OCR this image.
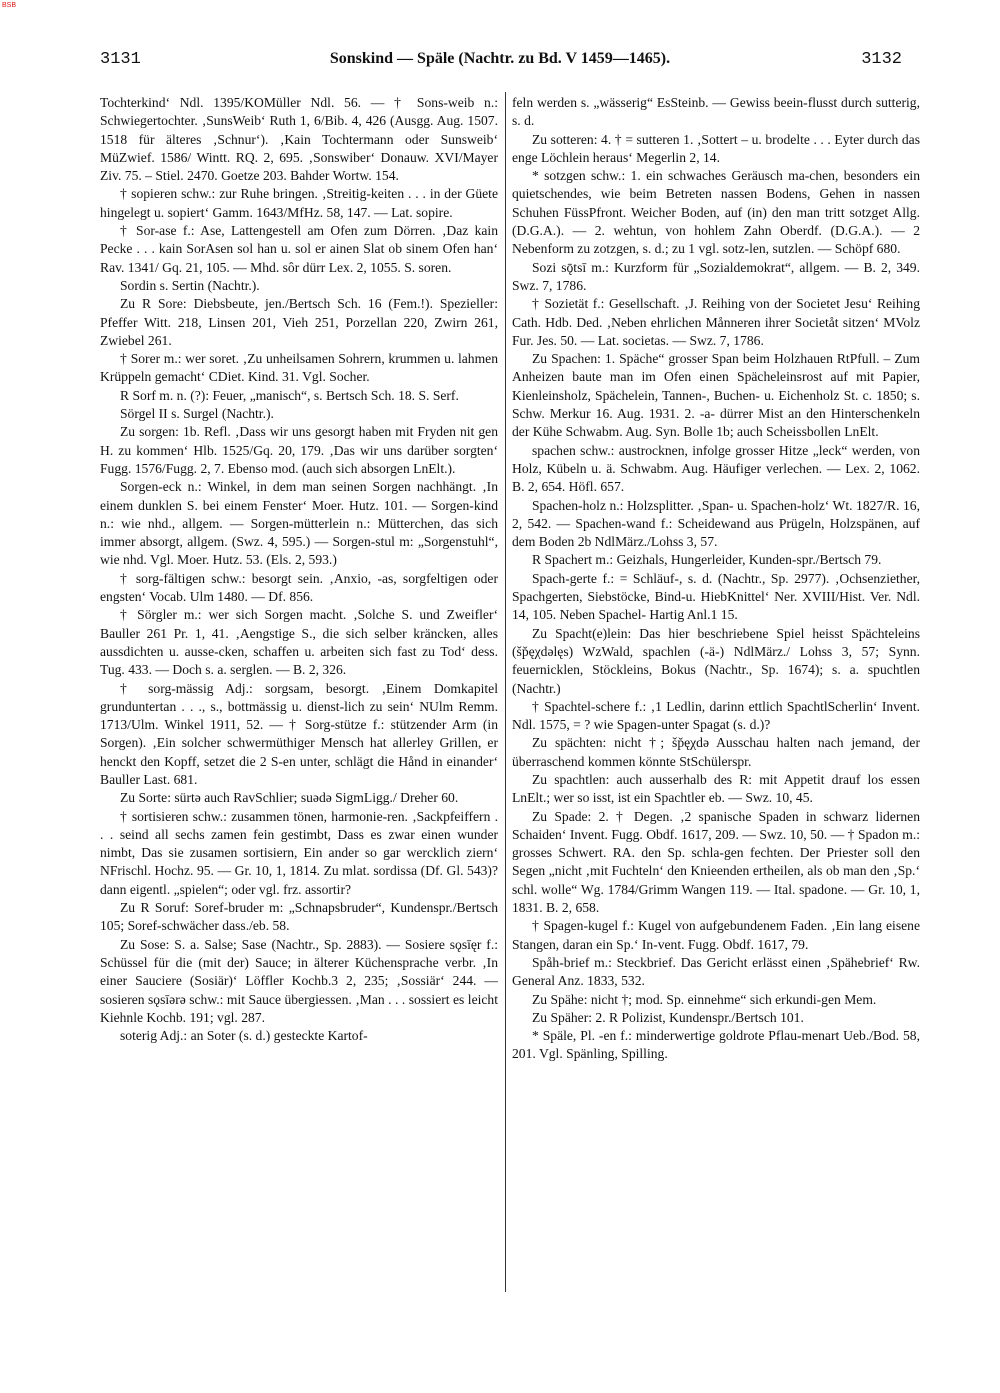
BSB
3131	Sonskind — Späle (Nachtr. zu Bd. V 1459—1465).	3132

Tochterkind‘ Ndl. 1395/KOMüller Ndl. 56. — † Sons-weib n.: Schwiegertochter. ‚SunsWeib‘ Ruth 1, 6/Bib. 4, 426 (Ausgg. Aug. 1507. 1518 für älteres ‚Schnur‘). ‚Kain Tochtermann oder Sunsweib‘ MüZwief. 1586/ Wintt. RQ. 2, 695. ‚Sonswiber‘ Donauw. XVI/Mayer Ziv. 75. – Stiel. 2470. Goetze 203. Bahder Wortw. 154.

† sopieren schw.: zur Ruhe bringen. ‚Streitig-keiten . . . in der Güete hingelegt u. sopiert‘ Gamm. 1643/MfHz. 58, 147. — Lat. sopire.

† Sor-ase f.: Ase, Lattengestell am Ofen zum Dörren. ‚Daz kain Pecke . . . kain SorAsen sol han u. sol er ainen Slat ob sinem Ofen han‘ Rav. 1341/ Gq. 21, 105. — Mhd. sôr dürr Lex. 2, 1055. S. soren.

Sordin s. Sertin (Nachtr.).

Zu R Sore: Diebsbeute, jen./Bertsch Sch. 16 (Fem.!). Spezieller: Pfeffer Witt. 218, Linsen 201, Vieh 251, Porzellan 220, Zwirn 261, Zwiebel 261.

† Sorer m.: wer soret. ‚Zu unheilsamen Sohrern, krummen u. lahmen Krüppeln gemacht‘ CDiet. Kind. 31. Vgl. Socher.

R Sorf m. n. (?): Feuer, „manisch“, s. Bertsch Sch. 18. S. Serf.

Sörgel II s. Surgel (Nachtr.).

Zu sorgen: 1b. Refl. ‚Dass wir uns gesorgt haben mit Fryden nit gen H. zu kommen‘ Hlb. 1525/Gq. 20, 179. ‚Das wir uns darüber sorgten‘ Fugg. 1576/Fugg. 2, 7. Ebenso mod. (auch sich absorgen LnElt.).

Sorgen-eck n.: Winkel, in dem man seinen Sorgen nachhängt. ‚In einem dunklen S. bei einem Fenster‘ Moer. Hutz. 101. — Sorgen-kind n.: wie nhd., allgem. — Sorgen-mütterlein n.: Mütterchen, das sich immer absorgt, allgem. (Swz. 4, 595.) — Sorgen-stul m: „Sorgenstuhl“, wie nhd. Vgl. Moer. Hutz. 53. (Els. 2, 593.)

† sorg-fältigen schw.: besorgt sein. ‚Anxio, -as, sorgfeltigen oder engsten‘ Vocab. Ulm 1480. — Df. 856.

† Sörgler m.: wer sich Sorgen macht. ‚Solche S. und Zweifler‘ Bauller 261 Pr. 1, 41. ‚Aengstige S., die sich selber kräncken, alles aussdichten u. ausse-cken, schaffen u. arbeiten sich fast zu Tod‘ dess. Tug. 433. — Doch s. a. serglen. — B. 2, 326.

† sorg-mässig Adj.: sorgsam, besorgt. ‚Einem Domkapitel grunduntertan . . ., s., bottmässig u. dienst-lich zu sein‘ NUlm Remm. 1713/Ulm. Winkel 1911, 52. — † Sorg-stütze f.: stützender Arm (in Sorgen). ‚Ein solcher schwermüthiger Mensch hat allerley Grillen, er henckt den Kopff, setzet die 2 S-en unter, schlägt die Hånd in einander‘ Bauller Last. 681.

Zu Sorte: sürtə auch RavSchlier; suədə SigmLigg./ Dreher 60.

† sortisieren schw.: zusammen tönen, harmonie-ren. ‚Sackpfeiffern . . . seind all sechs zamen fein gestimbt, Dass es zwar einen wunder nimbt, Das sie zusamen sortisiern, Ein ander so gar wercklich ziern‘ NFrischl. Hochz. 95. — Gr. 10, 1, 1814. Zu mlat. sordissa (Df. Gl. 543)? dann eigentl. „spielen“; oder vgl. frz. assortir?

Zu R Soruf: Soref-bruder m: „Schnapsbruder“, Kundenspr./Bertsch 105; Soref-schwächer dass./eb. 58.

Zu Sose: S. a. Salse; Sase (Nachtr., Sp. 2883). — Sosiere sǫsīęr f.: Schüssel für die (mit der) Sauce; in älterer Küchensprache verbr. ‚In einer Sauciere (Sosiär)‘ Löffler Kochb.3 2, 235; ‚Sossiär‘ 244. — sosieren sǫsīərə schw.: mit Sauce übergiessen. ‚Man . . . sossiert es leicht Kiehnle Kochb. 191; vgl. 287.

soterig Adj.: an Soter (s. d.) gesteckte Kartof-

feln werden s. „wässerig“ EsSteinb. — Gewiss beein-flusst durch sutterig, s. d.

Zu sotteren: 4. † = sutteren 1. ‚Sottert – u. brodelte . . . Eyter durch das enge Löchlein heraus‘ Megerlin 2, 14.

* sotzgen schw.: 1. ein schwaches Geräusch ma-chen, besonders ein quietschendes, wie beim Betreten nassen Bodens, Gehen in nassen Schuhen FüssPfront. Weicher Boden, auf (in) den man tritt sotzget Allg. (D.G.A.). — 2. wehtun, von hohlem Zahn Oberdf. (D.G.A.). — 2 Nebenform zu zotzgen, s. d.; zu 1 vgl. sotz-len, sutzlen. — Schöpf 680.

Sozi sǭtsī m.: Kurzform für „Sozialdemokrat“, allgem. — B. 2, 349. Swz. 7, 1786.

† Sozietät f.: Gesellschaft. ‚J. Reihing von der Societet Jesu‘ Reihing Cath. Hdb. Ded. ‚Neben ehrlichen Månneren ihrer Societåt sitzen‘ MVolz Fur. Jes. 50. — Lat. societas. — Swz. 7, 1786.

Zu Spachen: 1. Späche“ grosser Span beim Holzhauen RtPfull. – Zum Anheizen baute man im Ofen einen Spächeleinsrost auf mit Papier, Kienleinsholz, Spächelein, Tannen-, Buchen- u. Eichenholz St. c. 1850; s. Schw. Merkur 16. Aug. 1931. 2. -a- dürrer Mist an den Hinterschenkeln der Kühe Schwabm. Aug. Syn. Bolle 1b; auch Scheissbollen LnElt.

spachen schw.: austrocknen, infolge grosser Hitze „leck“ werden, von Holz, Kübeln u. ä. Schwabm. Aug. Häufiger verlechen. — Lex. 2, 1062. B. 2, 654. Höfl. 657.

Spachen-holz n.: Holzsplitter. ‚Span- u. Spachen-holz‘ Wt. 1827/R. 16, 2, 542. — Spachen-wand f.: Scheidewand aus Prügeln, Holzspänen, auf dem Boden 2b NdlMärz./Lohss 3, 57.

R Spachert m.: Geizhals, Hungerleider, Kunden-spr./Bertsch 79.

Spach-gerte f.: = Schläuf-, s. d. (Nachtr., Sp. 2977). ‚Ochsenziether, Spachgerten, Siebstöcke, Bind-u. HiebKnittel‘ Ner. XVIII/Hist. Ver. Ndl. 14, 105. Neben Spachel- Hartig Anl.1 15.

Zu Spacht(e)lein: Das hier beschriebene Spiel heisst Spächteleins (šp̌ęχdəlęs) WzWald, spachlen (-ä-) NdlMärz./ Lohss 3, 57; Synn. feuernicklen, Stöckleins, Bokus (Nachtr., Sp. 1674); s. a. spuchtlen (Nachtr.)

† Spachtel-schere f.: ‚1 Ledlin, darinn ettlich SpachtlScherlin‘ Invent. Ndl. 1575, = ? wie Spagen-unter Spagat (s. d.)?

Zu spächten: nicht †; šp̌ęχdə Ausschau halten nach jemand, der überraschend kommen könnte StSchülerspr.

Zu spachtlen: auch ausserhalb des R: mit Appetit drauf los essen LnElt.; wer so isst, ist ein Spachtler eb. — Swz. 10, 45.

Zu Spade: 2. † Degen. ‚2 spanische Spaden in schwarz lidernen Schaiden‘ Invent. Fugg. Obdf. 1617, 209. — Swz. 10, 50. — † Spadon m.: grosses Schwert. RA. den Sp. schla-gen fechten. Der Priester soll den Segen „nicht ‚mit Fuchteln‘ den Knieenden ertheilen, als ob man den ‚Sp.‘ schl. wolle“ Wg. 1784/Grimm Wangen 119. — Ital. spadone. — Gr. 10, 1, 1831. B. 2, 658.

† Spagen-kugel f.: Kugel von aufgebundenem Faden. ‚Ein lang eisene Stangen, daran ein Sp.‘ In-vent. Fugg. Obdf. 1617, 79.

Spåh-brief m.: Steckbrief. Das Gericht erlässt einen ‚Spähebrief‘ Rw. General Anz. 1833, 532.

Zu Spähe: nicht †; mod. Sp. einnehme“ sich erkundi-gen Mem.

Zu Späher: 2. R Polizist, Kundenspr./Bertsch 101.

* Späle, Pl. -en f.: minderwertige goldrote Pflau-menart Ueb./Bod. 58, 201. Vgl. Spänling, Spilling.
